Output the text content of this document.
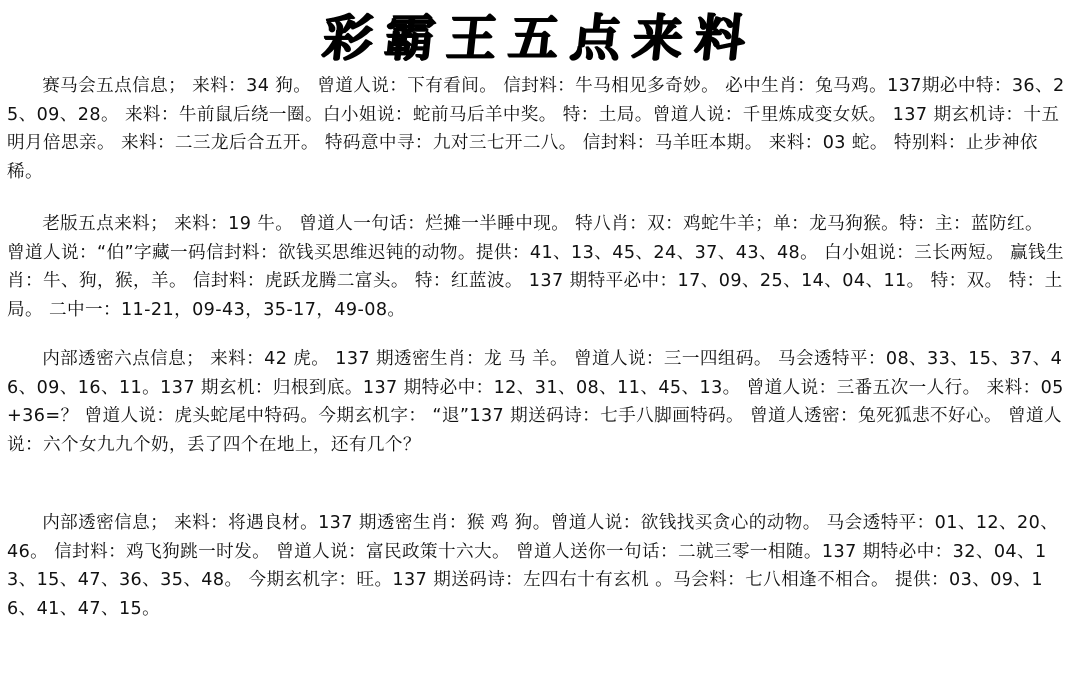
彩霸王五点来料

赛马会五点信息； 来料：34 狗。 曾道人说：下有看间。 信封料：牛马相见多奇妙。 必中生肖：兔马鸡。137期必中特：36、25、09、28。 来料：牛前鼠后绕一圈。白小姐说：蛇前马后羊中奖。 特：土局。曾道人说：千里炼成变女妖。 137 期玄机诗：十五明月倍思亲。 来料：二三龙后合五开。 特码意中寻：九对三七开二八。 信封料：马羊旺本期。 来料：03 蛇。 特别料：止步神依稀。

老版五点来料； 来料：19 牛。 曾道人一句话：烂摊一半睡中现。 特八肖：双：鸡蛇牛羊；单：龙马狗猴。特：主：蓝防红。 曾道人说：“伯”字藏一码信封料：欲钱买思维迟钝的动物。提供：41、13、45、24、37、43、48。 白小姐说：三长两短。 赢钱生肖：牛、狗，猴，羊。 信封料：虎跃龙腾二富头。 特：红蓝波。 137 期特平必中：17、09、25、14、04、11。 特：双。 特：土局。 二中一：11-21，09-43，35-17，49-08。

内部透密六点信息； 来料：42 虎。 137 期透密生肖：龙 马 羊。 曾道人说：三一四组码。 马会透特平：08、33、15、37、46、09、16、11。137 期玄机：归根到底。137 期特必中：12、31、08、11、45、13。 曾道人说：三番五次一人行。 来料：05+36=？ 曾道人说：虎头蛇尾中特码。今期玄机字： “退”137 期送码诗：七手八脚画特码。 曾道人透密：兔死狐悲不好心。 曾道人说：六个女九九个奶，丢了四个在地上，还有几个？

内部透密信息； 来料：将遇良材。137 期透密生肖：猴 鸡 狗。曾道人说：欲钱找买贪心的动物。 马会透特平：01、12、20、46。 信封料：鸡飞狗跳一时发。 曾道人说：富民政策十六大。 曾道人送你一句话：二就三零一相随。137 期特必中：32、04、13、15、47、36、35、48。 今期玄机字：旺。137 期送码诗：左四右十有玄机 。马会料：七八相逢不相合。 提供：03、09、16、41、47、15。
